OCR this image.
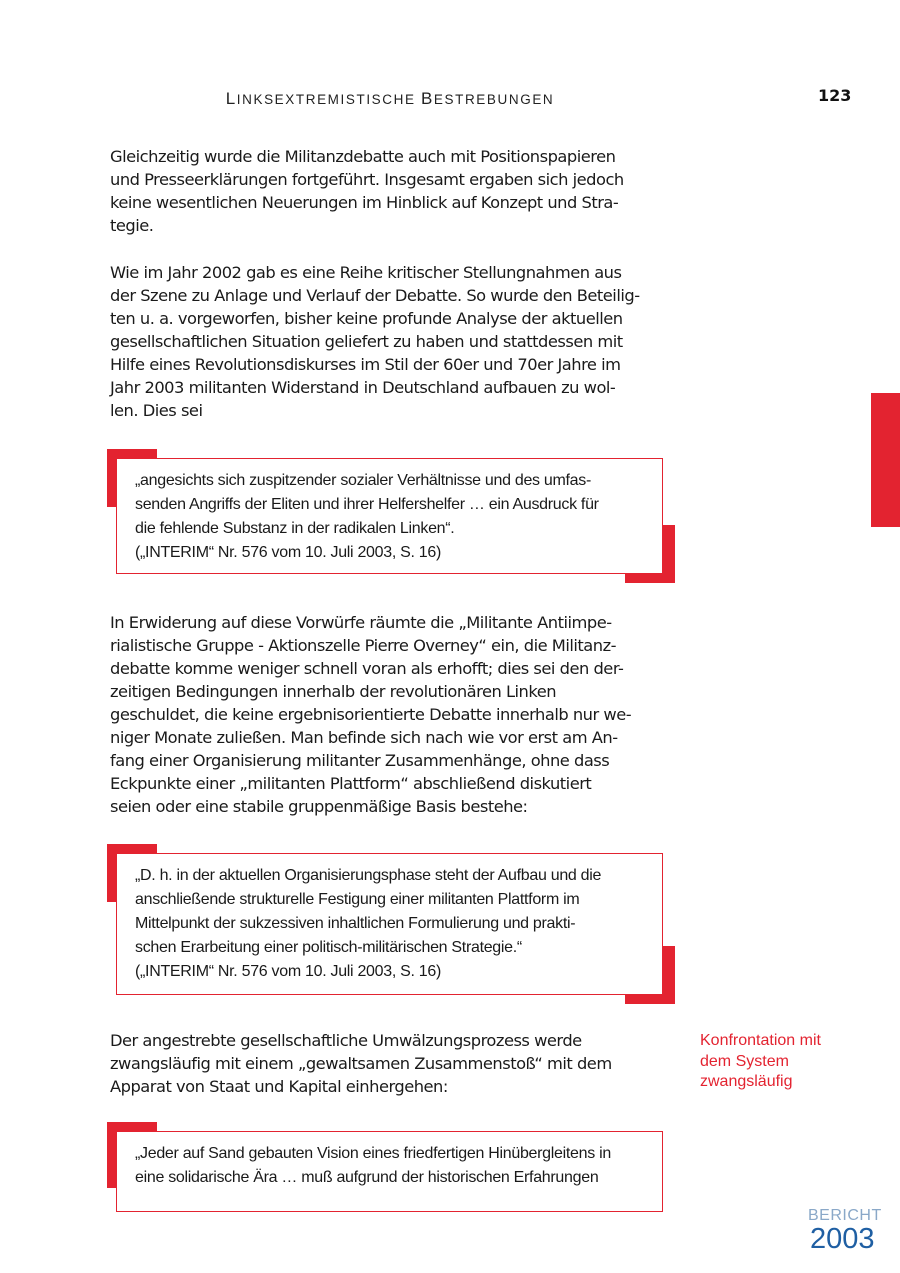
LINKSEXTREMISTISCHE BESTREBUNGEN	123

Gleichzeitig wurde die Militanzdebatte auch mit Positionspapieren
und Presseerklärungen fortgeführt. Insgesamt ergaben sich jedoch
keine wesentlichen Neuerungen im Hinblick auf Konzept und Stra-
tegie.

Wie im Jahr 2002 gab es eine Reihe kritischer Stellungnahmen aus
der Szene zu Anlage und Verlauf der Debatte. So wurde den Beteilig-
ten u. a. vorgeworfen, bisher keine profunde Analyse der aktuellen
gesellschaftlichen Situation geliefert zu haben und stattdessen mit
Hilfe eines Revolutionsdiskurses im Stil der 60er und 70er Jahre im
Jahr 2003 militanten Widerstand in Deutschland aufbauen zu wol-
len. Dies sei

„angesichts sich zuspitzender sozialer Verhältnisse und des umfas-
senden Angriffs der Eliten und ihrer Helfershelfer … ein Ausdruck für
die fehlende Substanz in der radikalen Linken“.
(„INTERIM“ Nr. 576 vom 10. Juli 2003, S. 16)

In Erwiderung auf diese Vorwürfe räumte die „Militante Antiimpe-
rialistische Gruppe - Aktionszelle Pierre Overney“ ein, die Militanz-
debatte komme weniger schnell voran als erhofft; dies sei den der-
zeitigen Bedingungen innerhalb der revolutionären Linken
geschuldet, die keine ergebnisorientierte Debatte innerhalb nur we-
niger Monate zuließen. Man befinde sich nach wie vor erst am An-
fang einer Organisierung militanter Zusammenhänge, ohne dass
Eckpunkte einer „militanten Plattform“ abschließend diskutiert
seien oder eine stabile gruppenmäßige Basis bestehe:

„D. h. in der aktuellen Organisierungsphase steht der Aufbau und die
anschließende strukturelle Festigung einer militanten Plattform im
Mittelpunkt der sukzessiven inhaltlichen Formulierung und prakti-
schen Erarbeitung einer politisch-militärischen Strategie.“
(„INTERIM“ Nr. 576 vom 10. Juli 2003, S. 16)

Der angestrebte gesellschaftliche Umwälzungsprozess werde
zwangsläufig mit einem „gewaltsamen Zusammenstoß“ mit dem
Apparat von Staat und Kapital einhergehen:

Konfrontation mit
dem System
zwangsläufig

„Jeder auf Sand gebauten Vision eines friedfertigen Hinübergleitens in
eine solidarische Ära … muß aufgrund der historischen Erfahrungen

BERICHT
2003
